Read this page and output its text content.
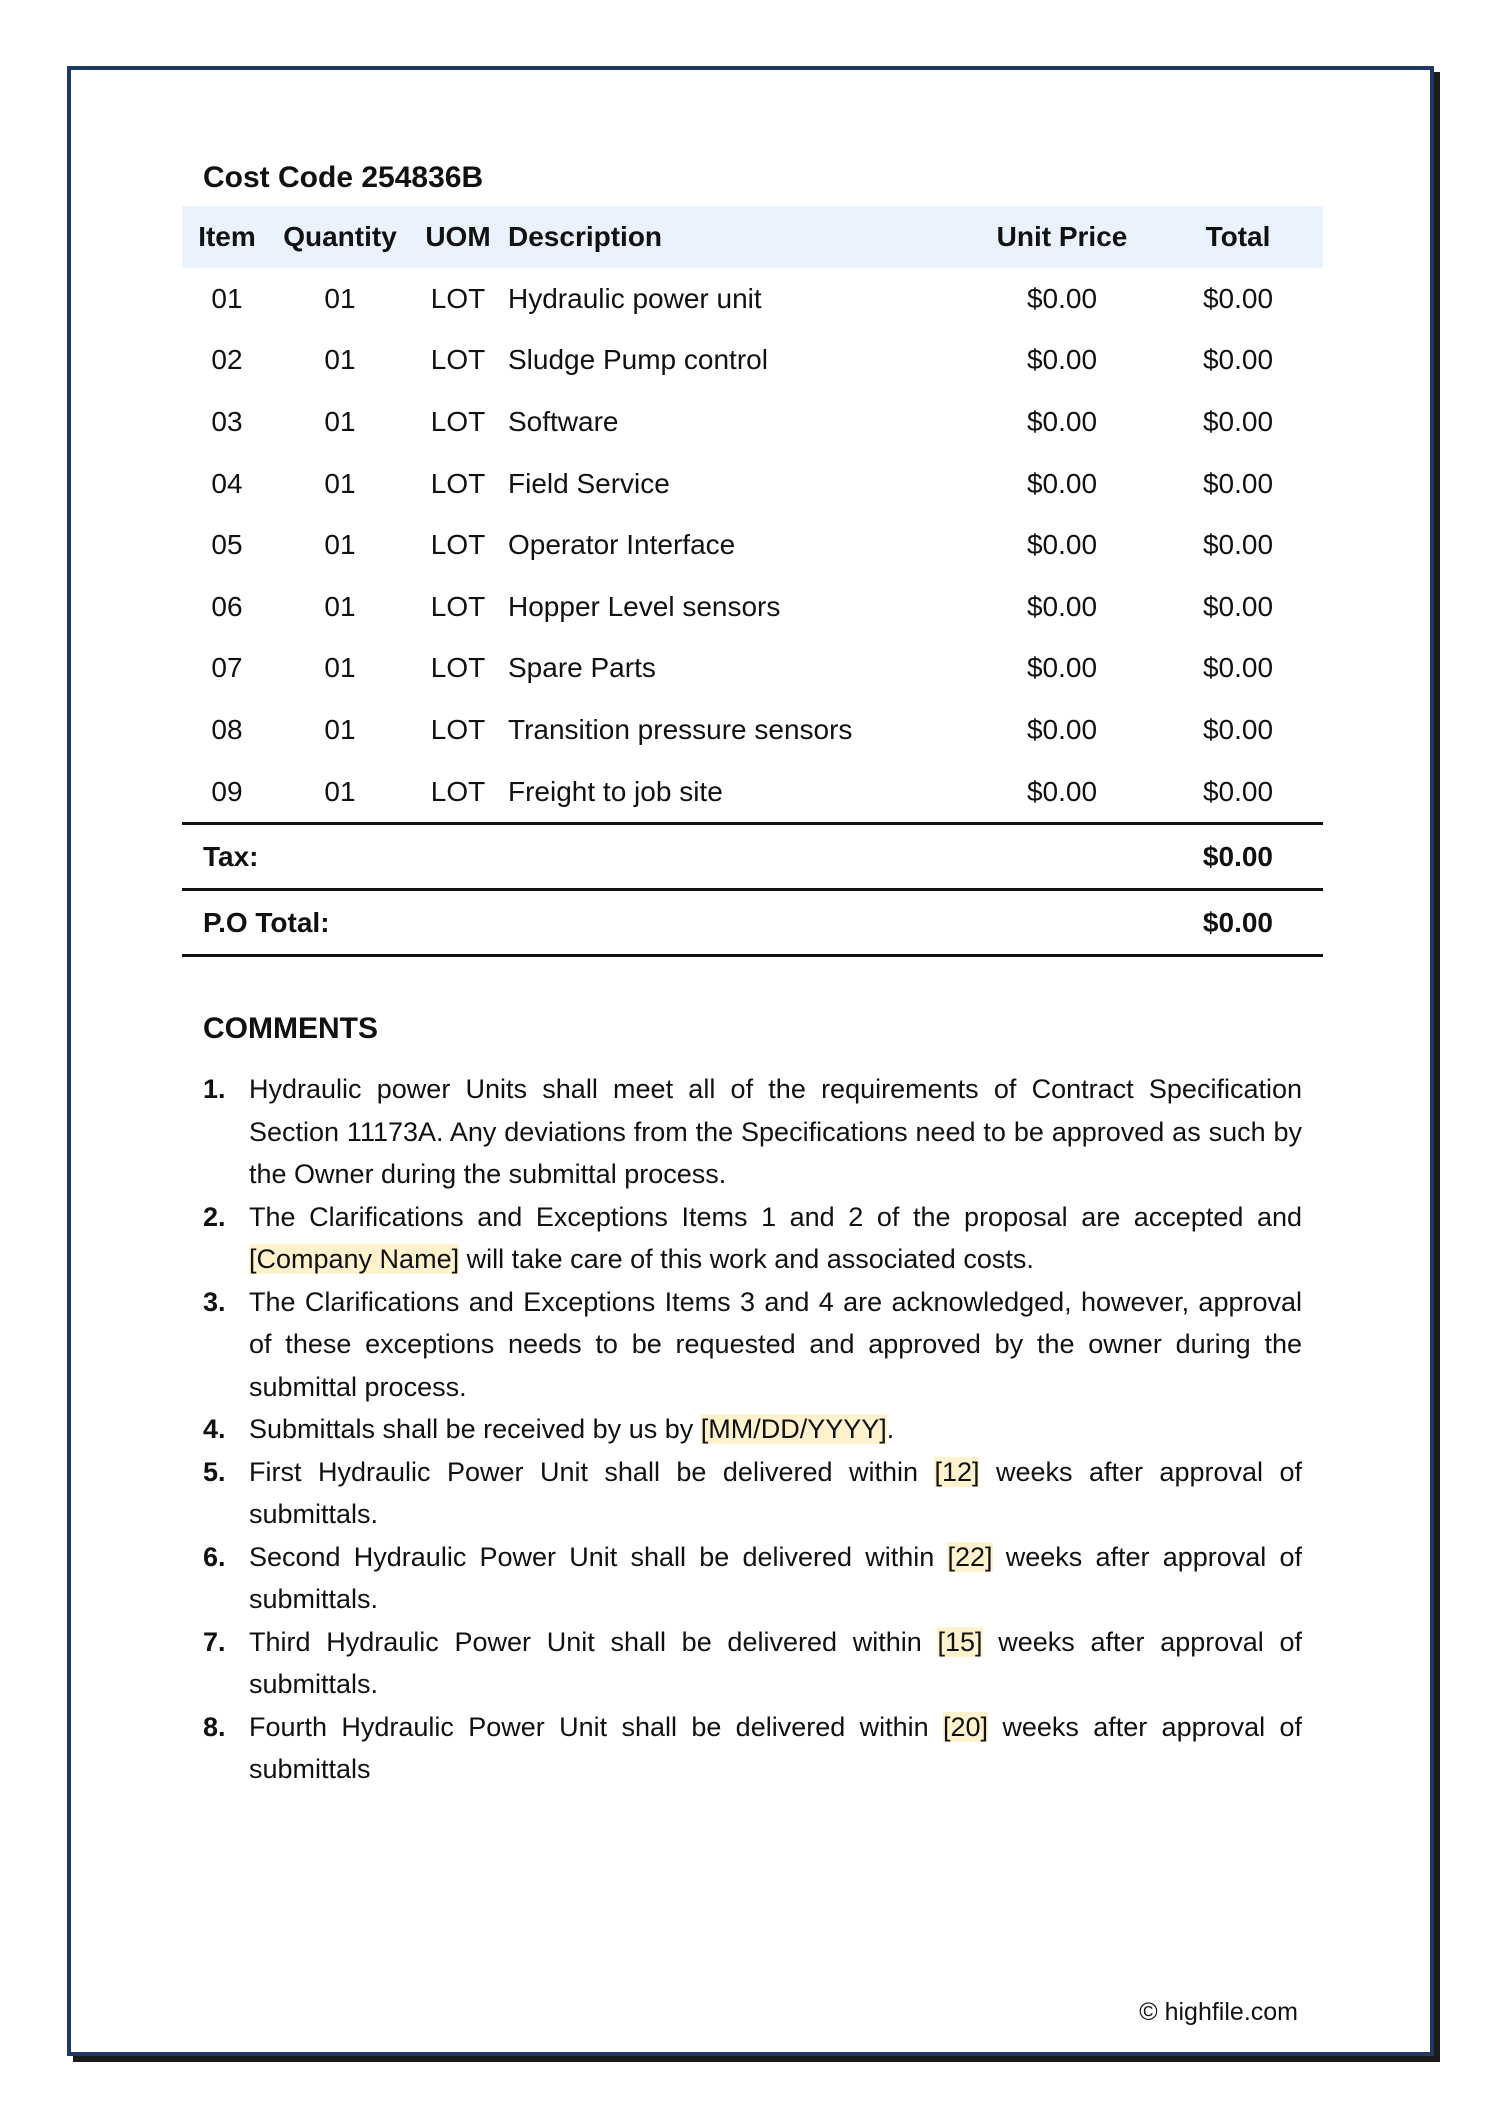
Cost Code 254836B
Item	Quantity	UOM	Description	Unit Price	Total
01	01	LOT	Hydraulic power unit	$0.00	$0.00
02	01	LOT	Sludge Pump control	$0.00	$0.00
03	01	LOT	Software	$0.00	$0.00
04	01	LOT	Field Service	$0.00	$0.00
05	01	LOT	Operator Interface	$0.00	$0.00
06	01	LOT	Hopper Level sensors	$0.00	$0.00
07	01	LOT	Spare Parts	$0.00	$0.00
08	01	LOT	Transition pressure sensors	$0.00	$0.00
09	01	LOT	Freight to job site	$0.00	$0.00
Tax:	$0.00
P.O Total:	$0.00
COMMENTS
1. Hydraulic power Units shall meet all of the requirements of Contract Specification Section 11173A. Any deviations from the Specifications need to be approved as such by the Owner during the submittal process.
2. The Clarifications and Exceptions Items 1 and 2 of the proposal are accepted and [Company Name] will take care of this work and associated costs.
3. The Clarifications and Exceptions Items 3 and 4 are acknowledged, however, approval of these exceptions needs to be requested and approved by the owner during the submittal process.
4. Submittals shall be received by us by [MM/DD/YYYY].
5. First Hydraulic Power Unit shall be delivered within [12] weeks after approval of submittals.
6. Second Hydraulic Power Unit shall be delivered within [22] weeks after approval of submittals.
7. Third Hydraulic Power Unit shall be delivered within [15] weeks after approval of submittals.
8. Fourth Hydraulic Power Unit shall be delivered within [20] weeks after approval of submittals
© highfile.com
